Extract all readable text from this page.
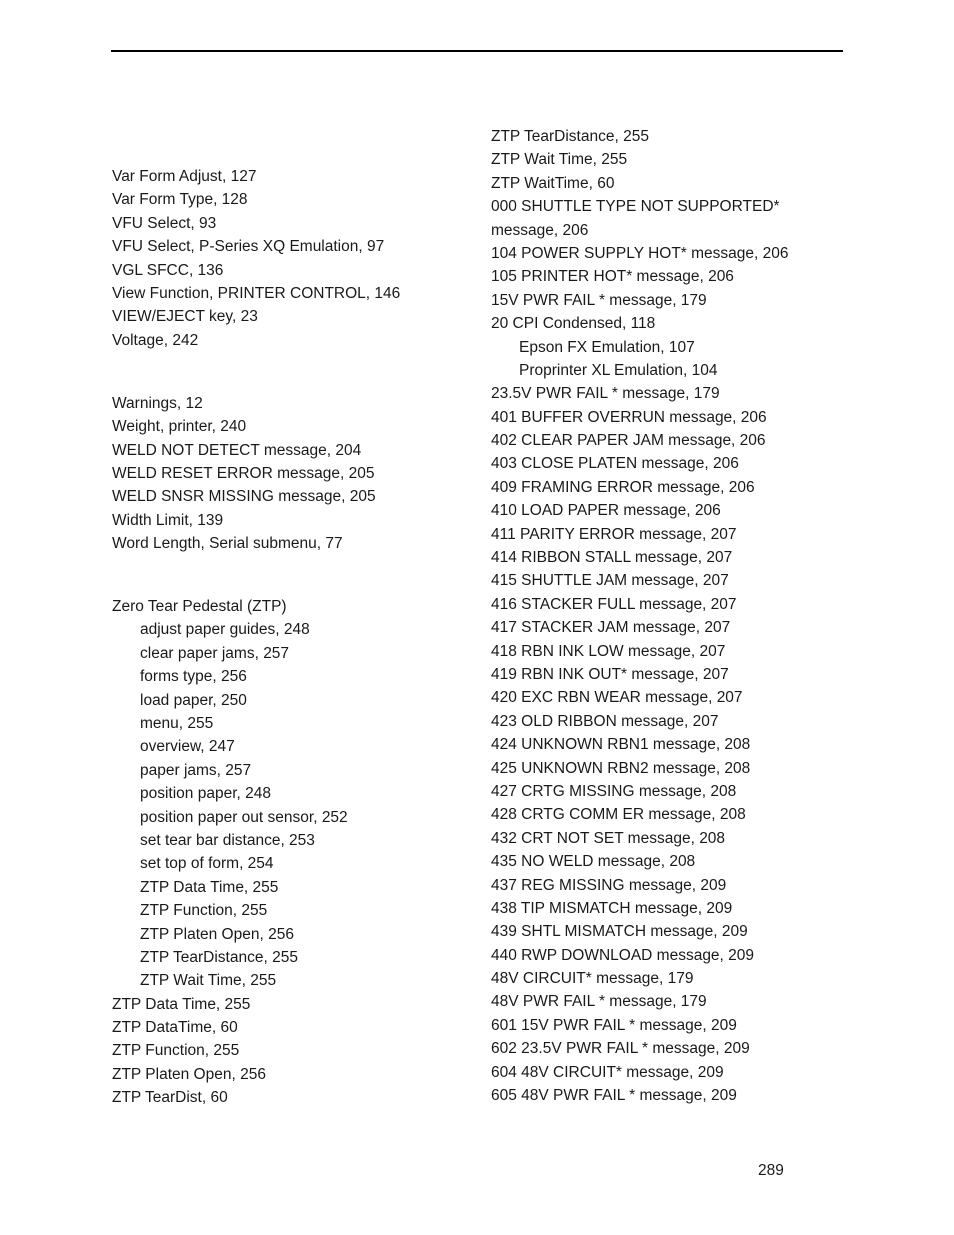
Var Form Adjust, 127
Var Form Type, 128
VFU Select, 93
VFU Select, P-Series XQ Emulation, 97
VGL SFCC, 136
View Function, PRINTER CONTROL, 146
VIEW/EJECT key, 23
Voltage, 242
Warnings, 12
Weight, printer, 240
WELD NOT DETECT message, 204
WELD RESET ERROR message, 205
WELD SNSR MISSING message, 205
Width Limit, 139
Word Length, Serial submenu, 77
Zero Tear Pedestal (ZTP)
adjust paper guides, 248
clear paper jams, 257
forms type, 256
load paper, 250
menu, 255
overview, 247
paper jams, 257
position paper, 248
position paper out sensor, 252
set tear bar distance, 253
set top of form, 254
ZTP Data Time, 255
ZTP Function, 255
ZTP Platen Open, 256
ZTP TearDistance, 255
ZTP Wait Time, 255
ZTP Data Time, 255
ZTP DataTime, 60
ZTP Function, 255
ZTP Platen Open, 256
ZTP TearDist, 60
ZTP TearDistance, 255
ZTP Wait Time, 255
ZTP WaitTime, 60
000 SHUTTLE TYPE NOT SUPPORTED*
message, 206
104 POWER SUPPLY HOT* message, 206
105 PRINTER HOT* message, 206
15V PWR FAIL * message, 179
20 CPI Condensed, 118
Epson FX Emulation, 107
Proprinter XL Emulation, 104
23.5V PWR FAIL * message, 179
401 BUFFER OVERRUN message, 206
402 CLEAR PAPER JAM message, 206
403 CLOSE PLATEN message, 206
409 FRAMING ERROR message, 206
410 LOAD PAPER message, 206
411 PARITY ERROR message, 207
414 RIBBON STALL message, 207
415 SHUTTLE JAM message, 207
416 STACKER FULL message, 207
417 STACKER JAM message, 207
418 RBN INK LOW message, 207
419 RBN INK OUT* message, 207
420 EXC RBN WEAR message, 207
423 OLD RIBBON message, 207
424 UNKNOWN RBN1 message, 208
425 UNKNOWN RBN2 message, 208
427 CRTG MISSING message, 208
428 CRTG COMM ER message, 208
432 CRT NOT SET message, 208
435 NO WELD message, 208
437 REG MISSING message, 209
438 TIP MISMATCH message, 209
439 SHTL MISMATCH message, 209
440 RWP DOWNLOAD message, 209
48V CIRCUIT* message, 179
48V PWR FAIL * message, 179
601 15V PWR FAIL * message, 209
602 23.5V PWR FAIL * message, 209
604 48V CIRCUIT* message, 209
605 48V PWR FAIL * message, 209
289
